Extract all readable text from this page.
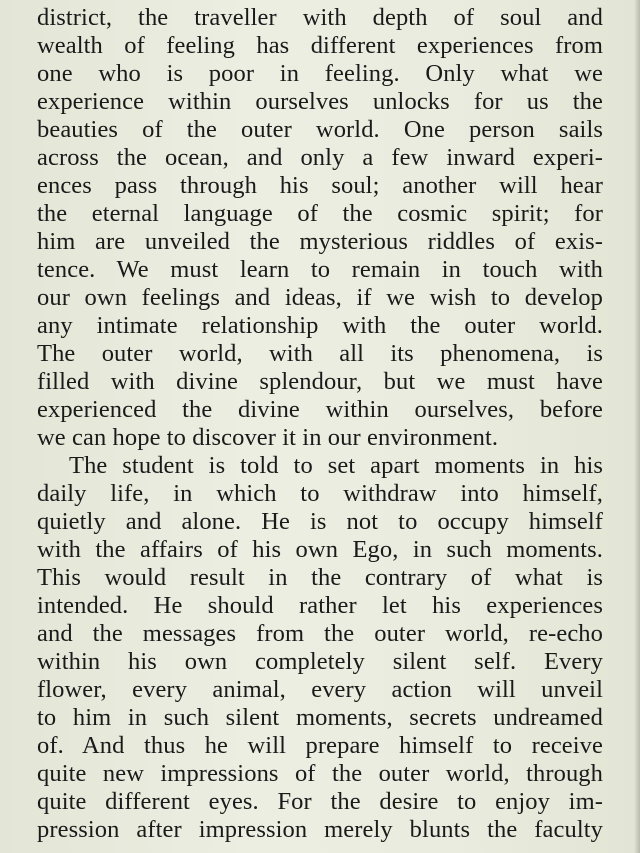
district, the traveller with depth of soul and
wealth of feeling has different experiences from
one who is poor in feeling. Only what we
experience within ourselves unlocks for us the
beauties of the outer world. One person sails
across the ocean, and only a few inward experi-
ences pass through his soul; another will hear
the eternal language of the cosmic spirit; for
him are unveiled the mysterious riddles of exis-
tence. We must learn to remain in touch with
our own feelings and ideas, if we wish to develop
any intimate relationship with the outer world.
The outer world, with all its phenomena, is
filled with divine splendour, but we must have
experienced the divine within ourselves, before
we can hope to discover it in our environment.
The student is told to set apart moments in his
daily life, in which to withdraw into himself,
quietly and alone. He is not to occupy himself
with the affairs of his own Ego, in such moments.
This would result in the contrary of what is
intended. He should rather let his experiences
and the messages from the outer world, re-echo
within his own completely silent self. Every
flower, every animal, every action will unveil
to him in such silent moments, secrets undreamed
of. And thus he will prepare himself to receive
quite new impressions of the outer world, through
quite different eyes. For the desire to enjoy im-
pression after impression merely blunts the faculty
